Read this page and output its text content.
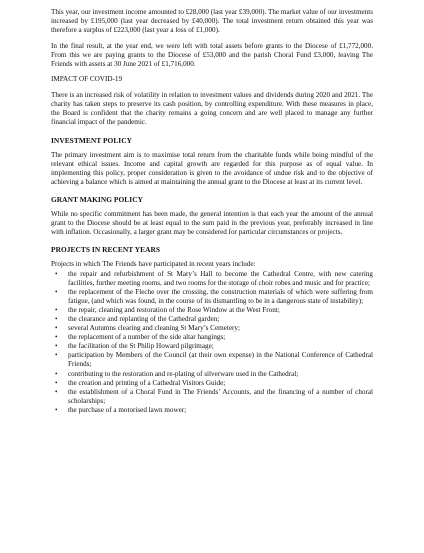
This year, our investment income amounted to £28,000 (last year £39,000). The market value of our investments increased by £195,000 (last year decreased by £40,000). The total investment return obtained this year was therefore a surplus of £223,000 (last year a loss of £1,000).

In the final result, at the year end, we were left with total assets before grants to the Diocese of £1,772,000. From this we are paying grants to the Diocese of £53,000 and the parish Choral Fund £3,000, leaving The Friends with assets at 30 June 2021 of £1,716,000.

IMPACT OF COVID-19

There is an increased risk of volatility in relation to investment values and dividends during 2020 and 2021. The charity has taken steps to preserve its cash position, by controlling expenditure. With these measures in place, the Board is confident that the charity remains a going concern and are well placed to manage any further financial impact of the pandemic.

INVESTMENT POLICY

The primary investment aim is to maximise total return from the charitable funds while being mindful of the relevant ethical issues. Income and capital growth are regarded for this purpose as of equal value. In implementing this policy, proper consideration is given to the avoidance of undue risk and to the objective of achieving a balance which is aimed at maintaining the annual grant to the Diocese at least at its current level.

GRANT MAKING POLICY

While no specific commitment has been made, the general intention is that each year the amount of the annual grant to the Diocese should be at least equal to the sum paid in the previous year, preferably increased in line with inflation. Occasionally, a larger grant may be considered for particular circumstances or projects.

PROJECTS IN RECENT YEARS

Projects in which The Friends have participated in recent years include:

• the repair and refurbishment of St Mary’s Hall to become the Cathedral Centre, with new catering facilities, further meeting rooms, and two rooms for the storage of choir robes and music and for practice;
• the replacement of the Fleche over the crossing, the construction materials of which were suffering from fatigue, (and which was found, in the course of its dismantling to be in a dangerous state of instability);
• the repair, cleaning and restoration of the Rose Window at the West Front;
• the clearance and replanting of the Cathedral garden;
• several Autumns clearing and cleaning St Mary’s Cemetery;
• the replacement of a number of the side altar hangings;
• the facilitation of the St Philip Howard pilgrimage;
• participation by Members of the Council (at their own expense) in the National Conference of Cathedral Friends;
• contributing to the restoration and re-plating of silverware used in the Cathedral;
• the creation and printing of a Cathedral Visitors Guide;
• the establishment of a Choral Fund in The Friends’ Accounts, and the financing of a number of choral scholarships;
• the purchase of a motorised lawn mower;
